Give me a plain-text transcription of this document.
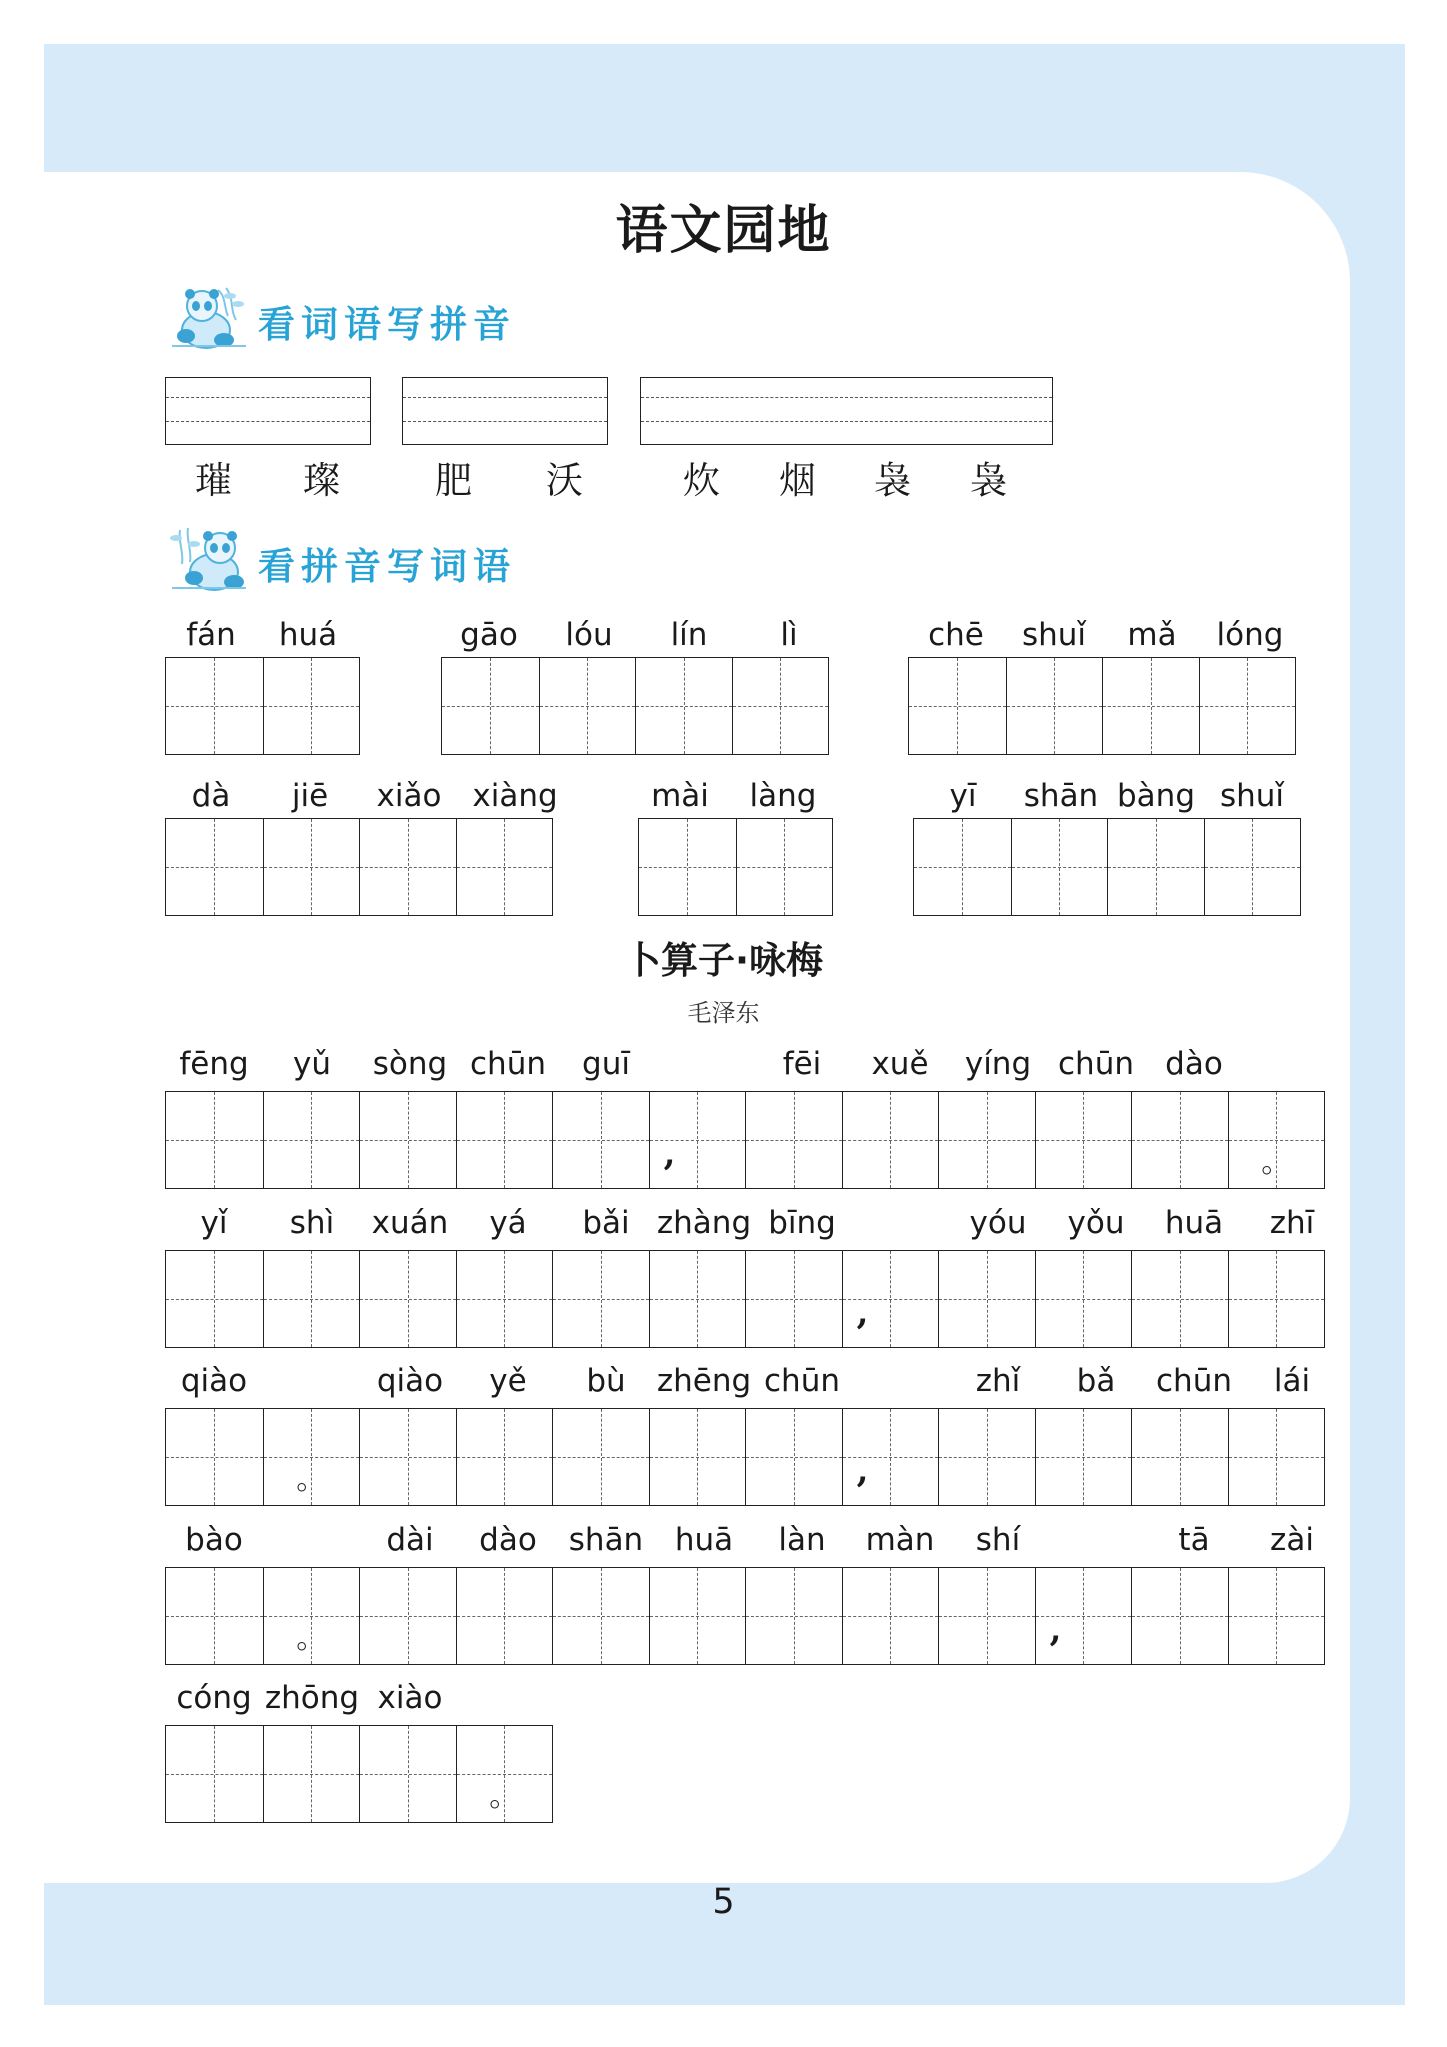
语文园地
看词语写拼音
璀 璨	肥 沃	炊 烟 袅 袅
看拼音写词语
fán	huá	gāo	lóu	lín	lì	chē	shuǐ	mǎ	lóng
dà	jiē	xiǎo xiàng	mài	làng	yī	shān bàng shuǐ
卜算子·咏梅
毛泽东
fēng	yǔ	sòng chūn	guī	fēi	xuě	yíng chūn	dào
,	。
yǐ	shì	xuán	yá	bǎi zhàng bīng	yóu	yǒu	huā	zhī
,
qiào	qiào	yě	bù	zhēng chūn	zhǐ	bǎ	chūn	lái
。	,
bào	dài	dào	shān	huā	làn	màn	shí	tā	zài
。	,
cóng zhōng xiào
。
5
